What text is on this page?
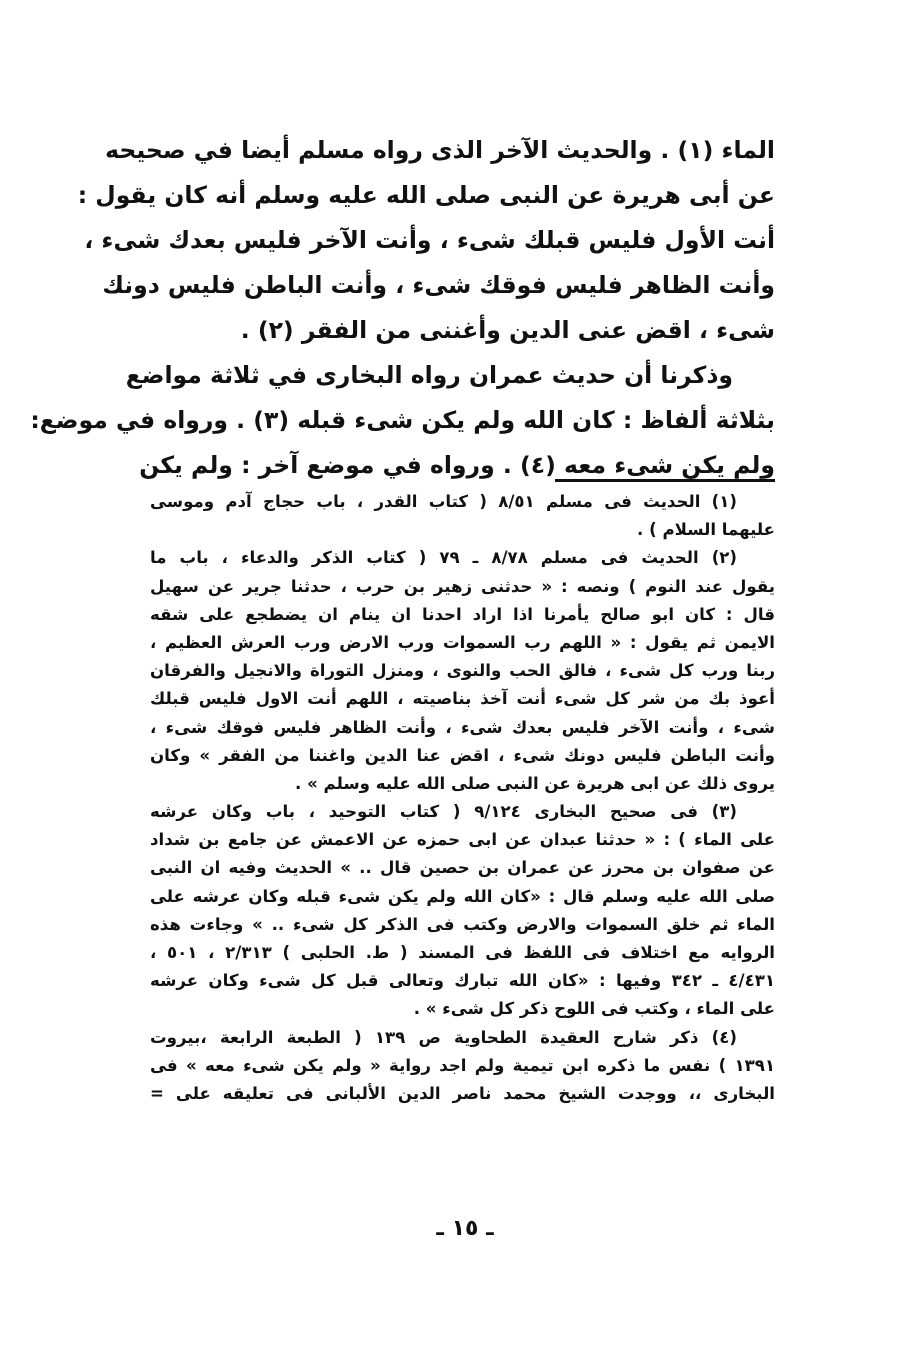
الماء (١) . والحديث الآخر الذى رواه مسلم أيضا في صحيحه
عن أبى هريرة عن النبى صلى الله عليه وسلم أنه كان يقول :
أنت الأول فليس قبلك شىء ، وأنت الآخر فليس بعدك شىء ،
وأنت الظاهر فليس فوقك شىء ، وأنت الباطن فليس دونك
شىء ، اقض عنى الدين وأغننى من الفقر (٢) .
وذكرنا أن حديث عمران رواه البخارى في ثلاثة مواضع
بثلاثة ألفاظ : كان الله ولم يكن شىء قبله (٣) . ورواه في موضع:
ولم يكن شىء معه (٤) . ورواه في موضع آخر : ولم يكن
(١) الحديث فى مسلم ٨/٥١ ( كتاب القدر ، باب حجاج آدم وموسى
عليهما السلام ) .
(٢) الحديث فى مسلم ٨/٧٨ ـ ٧٩ ( كتاب الذكر والدعاء ، باب ما
يقول عند النوم ) ونصه : « حدثنى زهير بن حرب ، حدثنا جرير عن سهيل
قال : كان ابو صالح يأمرنا اذا اراد احدنا ان ينام ان يضطجع على شقه
الايمن ثم يقول : « اللهم رب السموات ورب الارض ورب العرش العظيم ،
ربنا ورب كل شىء ، فالق الحب والنوى ، ومنزل التوراة والانجيل والفرقان
أعوذ بك من شر كل شىء أنت آخذ بناصيته ، اللهم أنت الاول فليس قبلك
شىء ، وأنت الآخر فليس بعدك شىء ، وأنت الظاهر فليس فوقك شىء ،
وأنت الباطن فليس دونك شىء ، اقض عنا الدين واغننا من الفقر » وكان
يروى ذلك عن ابى هريرة عن النبى صلى الله عليه وسلم » .
(٣) فى صحيح البخارى ٩/١٢٤ ( كتاب التوحيد ، باب وكان عرشه
على الماء ) : « حدثنا عبدان عن ابى حمزه عن الاعمش عن جامع بن شداد
عن صفوان بن محرز عن عمران بن حصين قال .. » الحديث وفيه ان النبى
صلى الله عليه وسلم قال : «كان الله ولم يكن شىء قبله وكان عرشه على
الماء ثم خلق السموات والارض وكتب فى الذكر كل شىء .. » وجاءت هذه
الروايه مع اختلاف فى اللفظ فى المسند ( ط. الحلبى ) ٢/٣١٣ ، ٥٠١ ،
٤/٤٣١ ـ ٣٤٢ وفيها : «كان الله تبارك وتعالى قبل كل شىء وكان عرشه
على الماء ، وكتب فى اللوح ذكر كل شىء » .
(٤) ذكر شارح العقيدة الطحاوية ص ١٣٩ ( الطبعة الرابعة ،بيروت
١٣٩١ ) نفس ما ذكره ابن تيمية ولم اجد رواية « ولم يكن شىء معه » فى
البخارى ،، ووجدت الشيخ محمد ناصر الدين الألبانى فى تعليقه على =
ـ ١٥ ـ
